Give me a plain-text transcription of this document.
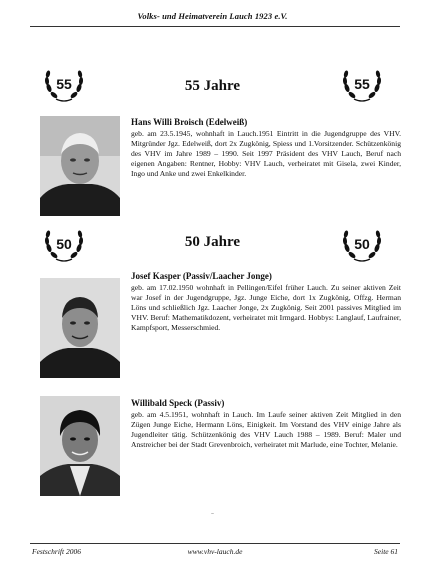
Volks- und Heimatverein Lauch 1923 e.V.
55	55 Jahre	55
Hans Willi Broisch (Edelweiß)
geb. am 23.5.1945, wohnhaft in Lauch.1951 Eintritt in die Jugendgruppe des VHV. Mitgründer Jgz. Edelweiß, dort 2x Zugkönig, Spiess und 1.Vorsitzender. Schützenkönig des VHV im Jahre 1989 – 1990. Seit 1997 Präsident des VHV Lauch, Beruf nach eigenen Angaben: Rentner, Hobby: VHV Lauch, verheiratet mit Gisela, zwei Kinder, Ingo und Anke und zwei Enkelkinder.
50	50 Jahre	50
Josef Kasper (Passiv/Laacher Jonge)
geb. am 17.02.1950 wohnhaft in Pellingen/Eifel früher Lauch. Zu seiner aktiven Zeit war Josef in der Jugendgruppe, Jgz. Junge Eiche, dort 1x Zugkönig, Offzg. Herman Löns und schließlich Jgz. Laacher Jonge, 2x Zugkönig. Seit 2001 passives Mitglied im VHV. Beruf: Mathematikdozent, verheiratet mit Irmgard. Hobbys: Langlauf, Laufrainer, Kampfsport, Messerschmied.
Willibald Speck (Passiv)
geb. am 4.5.1951, wohnhaft in Lauch. Im Laufe seiner aktiven Zeit Mitglied in den Zügen Junge Eiche, Hermann Löns, Einigkeit. Im Vorstand des VHV einige Jahre als Jugendleiter tätig. Schützenkönig des VHV Lauch 1988 – 1989. Beruf: Maler und Anstreicher bei der Stadt Grevenbroich, verheiratet mit Marlude, eine Tochter, Melanie.
–
Festschrift 2006	www.vhv-lauch.de	Seite 61
